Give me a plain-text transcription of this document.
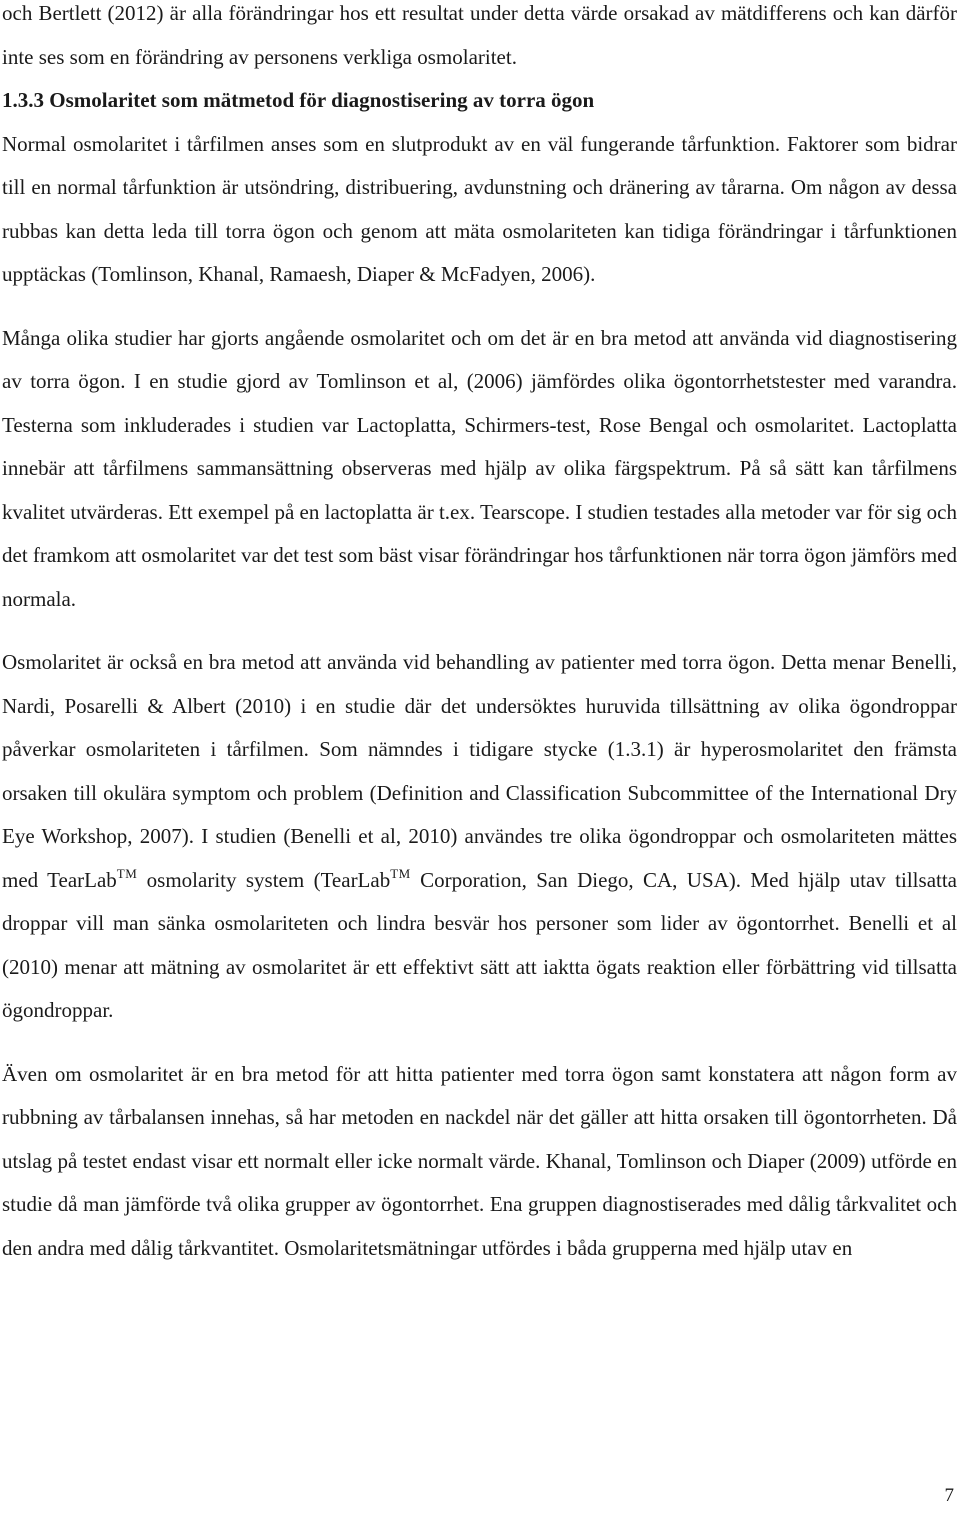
och Bertlett (2012) är alla förändringar hos ett resultat under detta värde orsakad av mätdifferens och kan därför inte ses som en förändring av personens verkliga osmolaritet.

1.3.3 Osmolaritet som mätmetod för diagnostisering av torra ögon

Normal osmolaritet i tårfilmen anses som en slutprodukt av en väl fungerande tårfunktion. Faktorer som bidrar till en normal tårfunktion är utsöndring, distribuering, avdunstning och dränering av tårarna. Om någon av dessa rubbas kan detta leda till torra ögon och genom att mäta osmolariteten kan tidiga förändringar i tårfunktionen upptäckas (Tomlinson, Khanal, Ramaesh, Diaper & McFadyen, 2006).

Många olika studier har gjorts angående osmolaritet och om det är en bra metod att använda vid diagnostisering av torra ögon. I en studie gjord av Tomlinson et al, (2006) jämfördes olika ögontorrhetstester med varandra. Testerna som inkluderades i studien var Lactoplatta, Schirmers-test, Rose Bengal och osmolaritet. Lactoplatta innebär att tårfilmens sammansättning observeras med hjälp av olika färgspektrum. På så sätt kan tårfilmens kvalitet utvärderas. Ett exempel på en lactoplatta är t.ex. Tearscope. I studien testades alla metoder var för sig och det framkom att osmolaritet var det test som bäst visar förändringar hos tårfunktionen när torra ögon jämförs med normala.

Osmolaritet är också en bra metod att använda vid behandling av patienter med torra ögon. Detta menar Benelli, Nardi, Posarelli & Albert (2010) i en studie där det undersöktes huruvida tillsättning av olika ögondroppar påverkar osmolariteten i tårfilmen. Som nämndes i tidigare stycke (1.3.1) är hyperosmolaritet den främsta orsaken till okulära symptom och problem (Definition and Classification Subcommittee of the International Dry Eye Workshop, 2007). I studien (Benelli et al, 2010) användes tre olika ögondroppar och osmolariteten mättes med TearLab™ osmolarity system (TearLab™ Corporation, San Diego, CA, USA). Med hjälp utav tillsatta droppar vill man sänka osmolariteten och lindra besvär hos personer som lider av ögontorrhet. Benelli et al (2010) menar att mätning av osmolaritet är ett effektivt sätt att iaktta ögats reaktion eller förbättring vid tillsatta ögondroppar.

Även om osmolaritet är en bra metod för att hitta patienter med torra ögon samt konstatera att någon form av rubbning av tårbalansen innehas, så har metoden en nackdel när det gäller att hitta orsaken till ögontorrheten. Då utslag på testet endast visar ett normalt eller icke normalt värde. Khanal, Tomlinson och Diaper (2009) utförde en studie då man jämförde två olika grupper av ögontorrhet. Ena gruppen diagnostiserades med dålig tårkvalitet och den andra med dålig tårkvantitet. Osmolaritetsmätningar utfördes i båda grupperna med hjälp utav en

7
